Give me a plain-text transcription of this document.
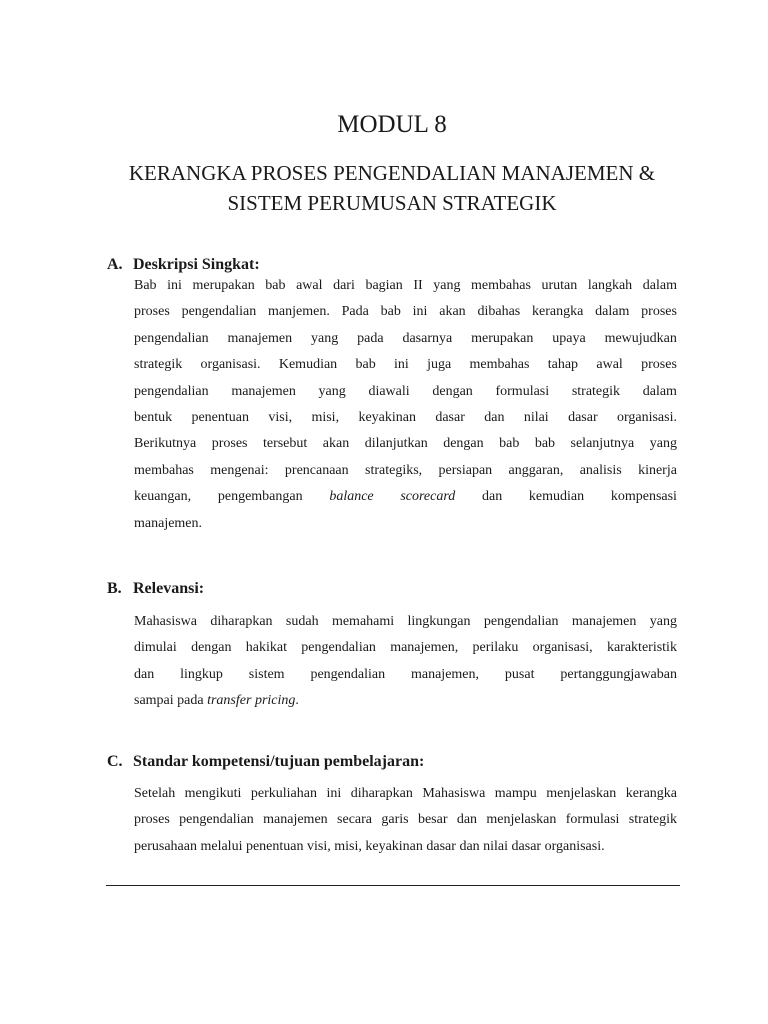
MODUL 8
KERANGKA PROSES PENGENDALIAN MANAJEMEN &
SISTEM PERUMUSAN STRATEGIK
A. Deskripsi Singkat:
Bab ini merupakan bab awal dari bagian II yang membahas urutan langkah dalam
proses pengendalian manjemen. Pada bab ini akan dibahas kerangka dalam proses
pengendalian manajemen yang pada dasarnya merupakan upaya mewujudkan
strategik organisasi. Kemudian bab ini juga membahas tahap awal proses
pengendalian manajemen yang diawali dengan formulasi strategik dalam
bentuk penentuan visi, misi, keyakinan dasar dan nilai dasar organisasi.
Berikutnya proses tersebut akan dilanjutkan dengan bab bab selanjutnya yang
membahas mengenai: prencanaan strategiks, persiapan anggaran, analisis kinerja
keuangan, pengembangan balance scorecard dan kemudian kompensasi
manajemen.
B. Relevansi:
Mahasiswa diharapkan sudah memahami lingkungan pengendalian manajemen yang
dimulai dengan hakikat pengendalian manajemen, perilaku organisasi, karakteristik
dan lingkup sistem pengendalian manajemen, pusat pertanggungjawaban
sampai pada transfer pricing.
C. Standar kompetensi/tujuan pembelajaran:
Setelah mengikuti perkuliahan ini diharapkan Mahasiswa mampu menjelaskan kerangka
proses pengendalian manajemen secara garis besar dan menjelaskan formulasi strategik
perusahaan melalui penentuan visi, misi, keyakinan dasar dan nilai dasar organisasi.
